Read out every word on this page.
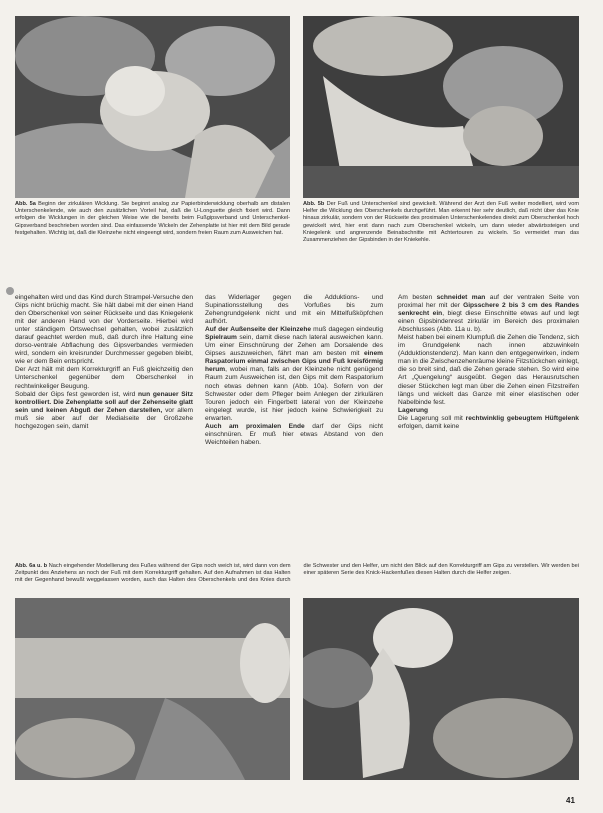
Abb. 5a Beginn der zirkulären Wicklung. Sie beginnt analog zur Papierbinderwicklung oberhalb am distalen Unterschenkelende, wie auch den zusätzlichen Vorteil hat, daß die U-Longuette gleich fixiert wird. Dann erfolgen die Wicklungen in der gleichen Weise wie die bereits beim Fußgipsverband und Unterschenkel-Gipsverband beschrieben worden sind. Das einfassende Wickeln der Zehenplatte ist hier mit dem Bild gerade festgehalten. Wichtig ist, daß die Kleinzehe nicht eingeengt wird, sondern freien Raum zum Ausweichen hat.

Abb. 5b Der Fuß und Unterschenkel sind gewickelt. Während der Arzt den Fuß weiter modelliert, wird vom Helfer die Wicklung des Oberschenkels durchgeführt. Man erkennt hier sehr deutlich, daß nicht über das Knie hinaus zirkulär, sondern von der Rückseite des proximalen Unterschenkelendes direkt zum Oberschenkel hoch gewickelt wird, hier erst dann nach zum Oberschenkel wickeln, um dann wieder abwärtssteigen und Kniegelenk und angrenzende Beinabschnitte mit Achtertouren zu wickeln. So vermeidet man das Zusammenziehen der Gipsbinden in der Kniekehle.

eingehalten wird und das Kind durch Strampel-Versuche den Gips nicht brüchig macht. Sie hält dabei mit der einen Hand den Oberschenkel von seiner Rückseite und das Kniegelenk mit der anderen Hand von der Vorderseite. Hierbei wird unter ständigem Ortswechsel gehalten, wobei zusätzlich darauf geachtet werden muß, daß durch ihre Haltung eine dorso-ventrale Abflachung des Gipsverbandes vermieden wird, sondern ein kreisrunder Durchmesser gegeben bleibt, wie er dem Bein entspricht.

Der Arzt hält mit dem Korrekturgriff an Fuß gleichzeitig den Unterschenkel gegenüber dem Oberschenkel in rechtwinkeliger Beugung.

Sobald der Gips fest geworden ist, wird nun genauer Sitz kontrolliert. Die Zehenplatte soll auf der Zehenseite glatt sein und keinen Abguß der Zehen darstellen, vor allem muß sie aber auf der Medialseite der Großzehe hochgezogen sein, damit

das Widerlager gegen die Adduktions- und Supinationsstellung des Vorfußes bis zum Zehengrundgelenk nicht und mit ein Mittelfußköpfchen aufhört.

Auf der Außenseite der Kleinzehe muß dagegen eindeutig Spielraum sein, damit diese nach lateral ausweichen kann. Um einer Einschnürung der Zehen am Dorsalende des Gipses auszuweichen, fährt man am besten mit einem Raspatorium einmal zwischen Gips und Fuß kreisförmig herum, wobei man, falls an der Kleinzehe nicht genügend Raum zum Ausweichen ist, den Gips mit dem Raspatorium noch etwas dehnen kann (Abb. 10a). Sofern von der Schwester oder dem Pfleger beim Anlegen der zirkulären Touren jedoch ein Fingerbett lateral von der Kleinzehe eingelegt wurde, ist hier jedoch keine Schwierigkeit zu erwarten.

Auch am proximalen Ende darf der Gips nicht einschnüren. Er muß hier etwas Abstand von den Weichteilen haben.

Am besten schneidet man auf der ventralen Seite von proximal her mit der Gipsschere 2 bis 3 cm des Randes senkrecht ein, biegt diese Einschnitte etwas auf und legt einen Gipsbindenrest zirkulär im Bereich des proximalen Abschlusses (Abb. 11a u. b).

Meist haben bei einem Klumpfuß die Zehen die Tendenz, sich im Grundgelenk nach innen abzuwinkeln (Adduktionstendenz). Man kann den entgegenwirken, indem man in die Zwischenzehenräume kleine Filzstückchen einlegt, die so breit sind, daß die Zehen gerade stehen. So wird eine Art „Quengelung“ ausgeübt. Gegen das Herausrutschen dieser Stückchen legt man über die Zehen einen Filzstreifen längs und wickelt das Ganze mit einer elastischen oder Nabelbinde fest.

Lagerung

Die Lagerung soll mit rechtwinklig gebeugtem Hüftgelenk erfolgen, damit keine

Abb. 6a u. b Nach eingehender Modellierung des Fußes während der Gips noch weich ist, wird dann von dem Zeitpunkt des Anziehens an noch der Fuß mit dem Korrekturgriff gehalten. Auf den Aufnahmen ist das Halten mit der Gegenhand bewußt weggelassen worden, auch das Halten des Oberschenkels und des Knies durch die Schwester und den Helfer, um nicht den Blick auf den Korrekturgriff am Gips zu verstellen. Wir werden bei einer späteren Serie des Knick-Hackenfußes diesen Halten durch die Helfer zeigen.

41
